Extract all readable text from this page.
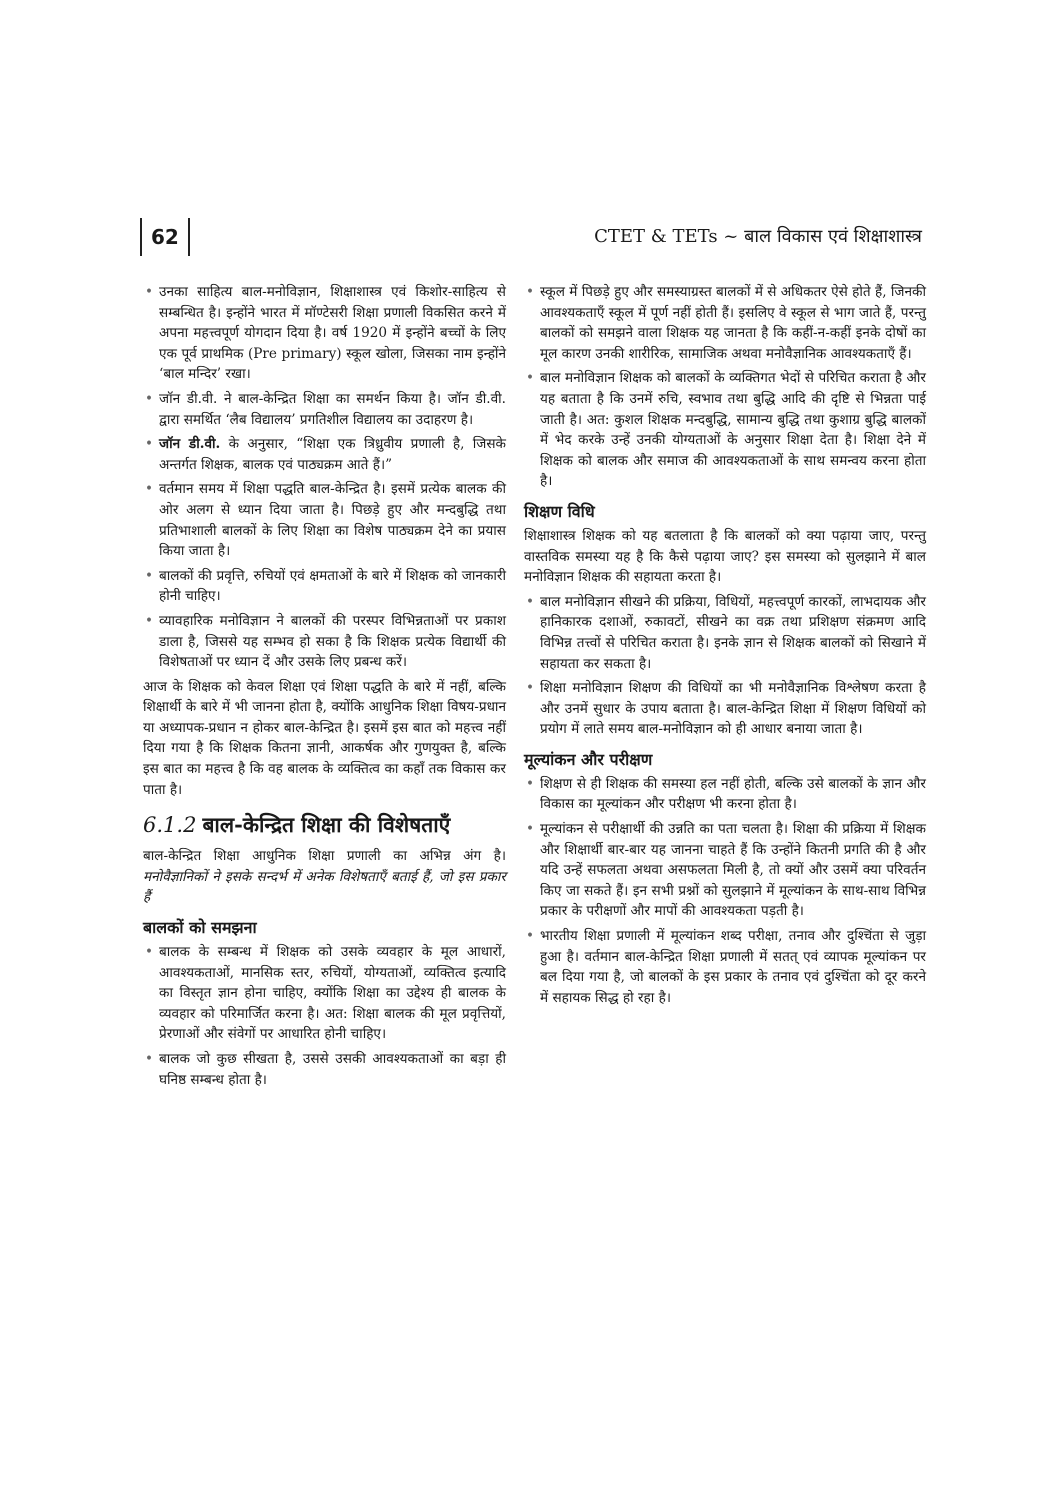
62	CTET & TETs ~ बाल विकास एवं शिक्षाशास्त्र
• उनका साहित्य बाल-मनोविज्ञान, शिक्षाशास्त्र एवं किशोर-साहित्य से सम्बन्धित है। इन्होंने भारत में मॉण्टेसरी शिक्षा प्रणाली विकसित करने में अपना महत्त्वपूर्ण योगदान दिया है। वर्ष 1920 में इन्होंने बच्चों के लिए एक पूर्व प्राथमिक (Pre primary) स्कूल खोला, जिसका नाम इन्होंने ‘बाल मन्दिर’ रखा।
• जॉन डी.वी. ने बाल-केन्द्रित शिक्षा का समर्थन किया है। जॉन डी.वी. द्वारा समर्थित ‘लैब विद्यालय’ प्रगतिशील विद्यालय का उदाहरण है।
• जॉन डी.वी. के अनुसार, “शिक्षा एक त्रिध्रुवीय प्रणाली है, जिसके अन्तर्गत शिक्षक, बालक एवं पाठ्यक्रम आते हैं।”
• वर्तमान समय में शिक्षा पद्धति बाल-केन्द्रित है। इसमें प्रत्येक बालक की ओर अलग से ध्यान दिया जाता है। पिछड़े हुए और मन्दबुद्धि तथा प्रतिभाशाली बालकों के लिए शिक्षा का विशेष पाठ्यक्रम देने का प्रयास किया जाता है।
• बालकों की प्रवृत्ति, रुचियों एवं क्षमताओं के बारे में शिक्षक को जानकारी होनी चाहिए।
• व्यावहारिक मनोविज्ञान ने बालकों की परस्पर विभिन्नताओं पर प्रकाश डाला है, जिससे यह सम्भव हो सका है कि शिक्षक प्रत्येक विद्यार्थी की विशेषताओं पर ध्यान दें और उसके लिए प्रबन्ध करें।

आज के शिक्षक को केवल शिक्षा एवं शिक्षा पद्धति के बारे में नहीं, बल्कि शिक्षार्थी के बारे में भी जानना होता है, क्योंकि आधुनिक शिक्षा विषय-प्रधान या अध्यापक-प्रधान न होकर बाल-केन्द्रित है। इसमें इस बात को महत्त्व नहीं दिया गया है कि शिक्षक कितना ज्ञानी, आकर्षक और गुणयुक्त है, बल्कि इस बात का महत्त्व है कि वह बालक के व्यक्तित्व का कहाँ तक विकास कर पाता है।

6.1.2 बाल-केन्द्रित शिक्षा की विशेषताएँ

बाल-केन्द्रित शिक्षा आधुनिक शिक्षा प्रणाली का अभिन्न अंग है। मनोवैज्ञानिकों ने इसके सन्दर्भ में अनेक विशेषताएँ बताई हैं, जो इस प्रकार हैं

बालकों को समझना
• बालक के सम्बन्ध में शिक्षक को उसके व्यवहार के मूल आधारों, आवश्यकताओं, मानसिक स्तर, रुचियों, योग्यताओं, व्यक्तित्व इत्यादि का विस्तृत ज्ञान होना चाहिए, क्योंकि शिक्षा का उद्देश्य ही बालक के व्यवहार को परिमार्जित करना है। अत: शिक्षा बालक की मूल प्रवृत्तियों, प्रेरणाओं और संवेगों पर आधारित होनी चाहिए।
• बालक जो कुछ सीखता है, उससे उसकी आवश्यकताओं का बड़ा ही घनिष्ठ सम्बन्ध होता है।
• स्कूल में पिछड़े हुए और समस्याग्रस्त बालकों में से अधिकतर ऐसे होते हैं, जिनकी आवश्यकताएँ स्कूल में पूर्ण नहीं होती हैं। इसलिए वे स्कूल से भाग जाते हैं, परन्तु बालकों को समझने वाला शिक्षक यह जानता है कि कहीं-न-कहीं इनके दोषों का मूल कारण उनकी शारीरिक, सामाजिक अथवा मनोवैज्ञानिक आवश्यकताएँ हैं।
• बाल मनोविज्ञान शिक्षक को बालकों के व्यक्तिगत भेदों से परिचित कराता है और यह बताता है कि उनमें रुचि, स्वभाव तथा बुद्धि आदि की दृष्टि से भिन्नता पाई जाती है। अत: कुशल शिक्षक मन्दबुद्धि, सामान्य बुद्धि तथा कुशाग्र बुद्धि बालकों में भेद करके उन्हें उनकी योग्यताओं के अनुसार शिक्षा देता है। शिक्षा देने में शिक्षक को बालक और समाज की आवश्यकताओं के साथ समन्वय करना होता है।
शिक्षण विधि

शिक्षाशास्त्र शिक्षक को यह बतलाता है कि बालकों को क्या पढ़ाया जाए, परन्तु वास्तविक समस्या यह है कि कैसे पढ़ाया जाए? इस समस्या को सुलझाने में बाल मनोविज्ञान शिक्षक की सहायता करता है।

• बाल मनोविज्ञान सीखने की प्रक्रिया, विधियों, महत्त्वपूर्ण कारकों, लाभदायक और हानिकारक दशाओं, रुकावटों, सीखने का वक्र तथा प्रशिक्षण संक्रमण आदि विभिन्न तत्त्वों से परिचित कराता है। इनके ज्ञान से शिक्षक बालकों को सिखाने में सहायता कर सकता है।
• शिक्षा मनोविज्ञान शिक्षण की विधियों का भी मनोवैज्ञानिक विश्लेषण करता है और उनमें सुधार के उपाय बताता है। बाल-केन्द्रित शिक्षा में शिक्षण विधियों को प्रयोग में लाते समय बाल-मनोविज्ञान को ही आधार बनाया जाता है।
मूल्यांकन और परीक्षण
• शिक्षण से ही शिक्षक की समस्या हल नहीं होती, बल्कि उसे बालकों के ज्ञान और विकास का मूल्यांकन और परीक्षण भी करना होता है।
• मूल्यांकन से परीक्षार्थी की उन्नति का पता चलता है। शिक्षा की प्रक्रिया में शिक्षक और शिक्षार्थी बार-बार यह जानना चाहते हैं कि उन्होंने कितनी प्रगति की है और यदि उन्हें सफलता अथवा असफलता मिली है, तो क्यों और उसमें क्या परिवर्तन किए जा सकते हैं। इन सभी प्रश्नों को सुलझाने में मूल्यांकन के साथ-साथ विभिन्न प्रकार के परीक्षणों और मापों की आवश्यकता पड़ती है।
• भारतीय शिक्षा प्रणाली में मूल्यांकन शब्द परीक्षा, तनाव और दुश्चिंता से जुड़ा हुआ है। वर्तमान बाल-केन्द्रित शिक्षा प्रणाली में सतत् एवं व्यापक मूल्यांकन पर बल दिया गया है, जो बालकों के इस प्रकार के तनाव एवं दुश्चिंता को दूर करने में सहायक सिद्ध हो रहा है।
